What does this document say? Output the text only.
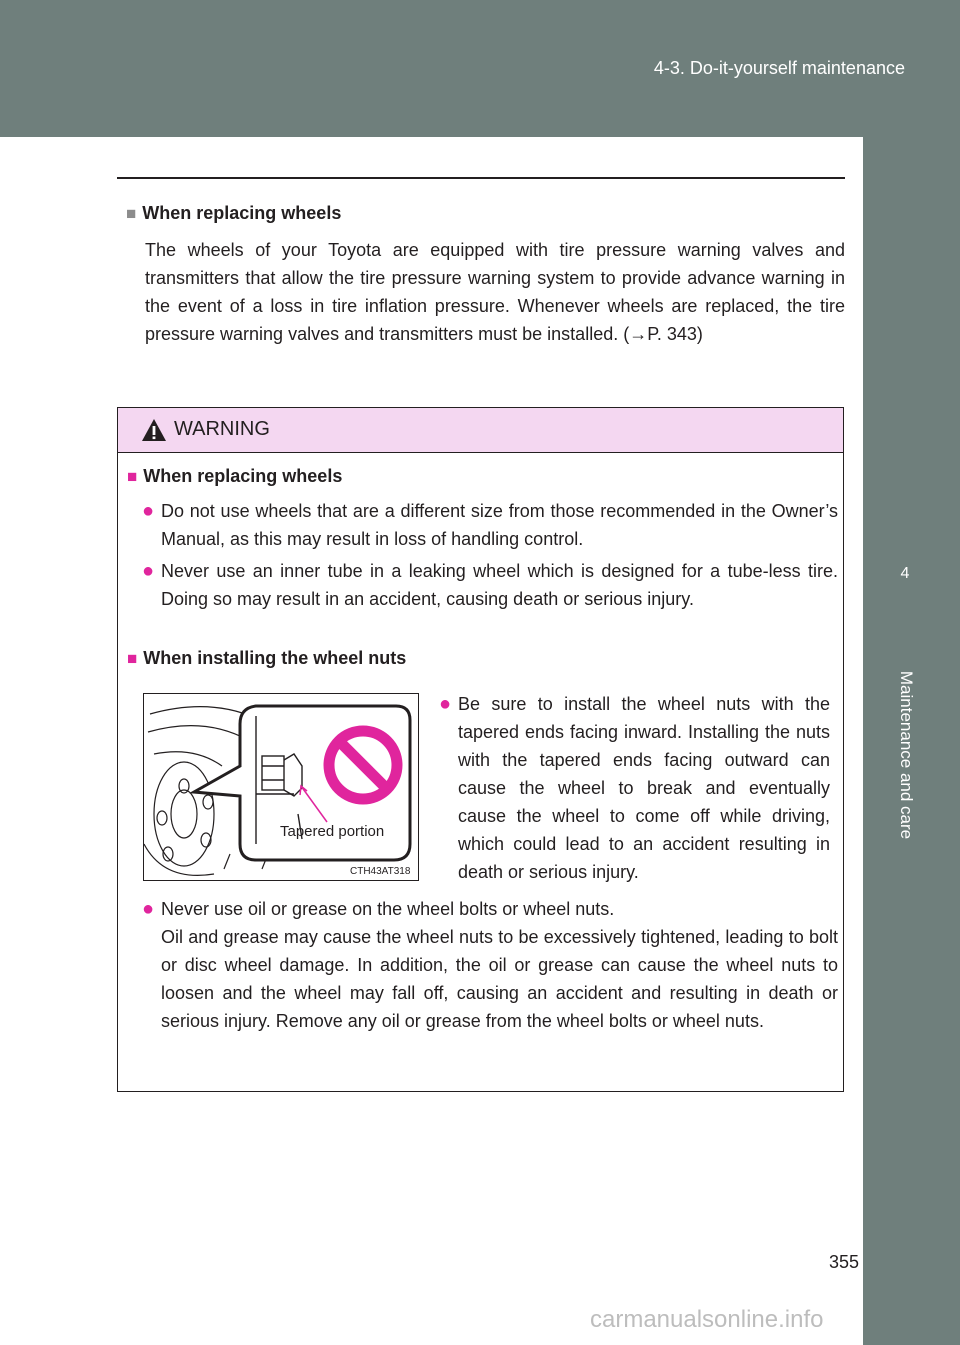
4-3. Do-it-yourself maintenance
4
Maintenance and care
■ When replacing wheels

The wheels of your Toyota are equipped with tire pressure warning valves and transmitters that allow the tire pressure warning system to provide advance warning in the event of a loss in tire inflation pressure. Whenever wheels are replaced, the tire pressure warning valves and transmitters must be installed. (→P. 343)

WARNING
■ When replacing wheels
● Do not use wheels that are a different size from those recommended in the Owner’s Manual, as this may result in loss of handling control.
● Never use an inner tube in a leaking wheel which is designed for a tube-less tire. Doing so may result in an accident, causing death or serious injury.
■ When installing the wheel nuts
Tapered portion
CTH43AT318
● Be sure to install the wheel nuts with the tapered ends facing inward. Installing the nuts with the tapered ends facing outward can cause the wheel to break and eventually cause the wheel to come off while driving, which could lead to an accident resulting in death or serious injury.
● Never use oil or grease on the wheel bolts or wheel nuts.
Oil and grease may cause the wheel nuts to be excessively tightened, leading to bolt or disc wheel damage. In addition, the oil or grease can cause the wheel nuts to loosen and the wheel may fall off, causing an accident and resulting in death or serious injury. Remove any oil or grease from the wheel bolts or wheel nuts.
355
carmanualsonline.info
